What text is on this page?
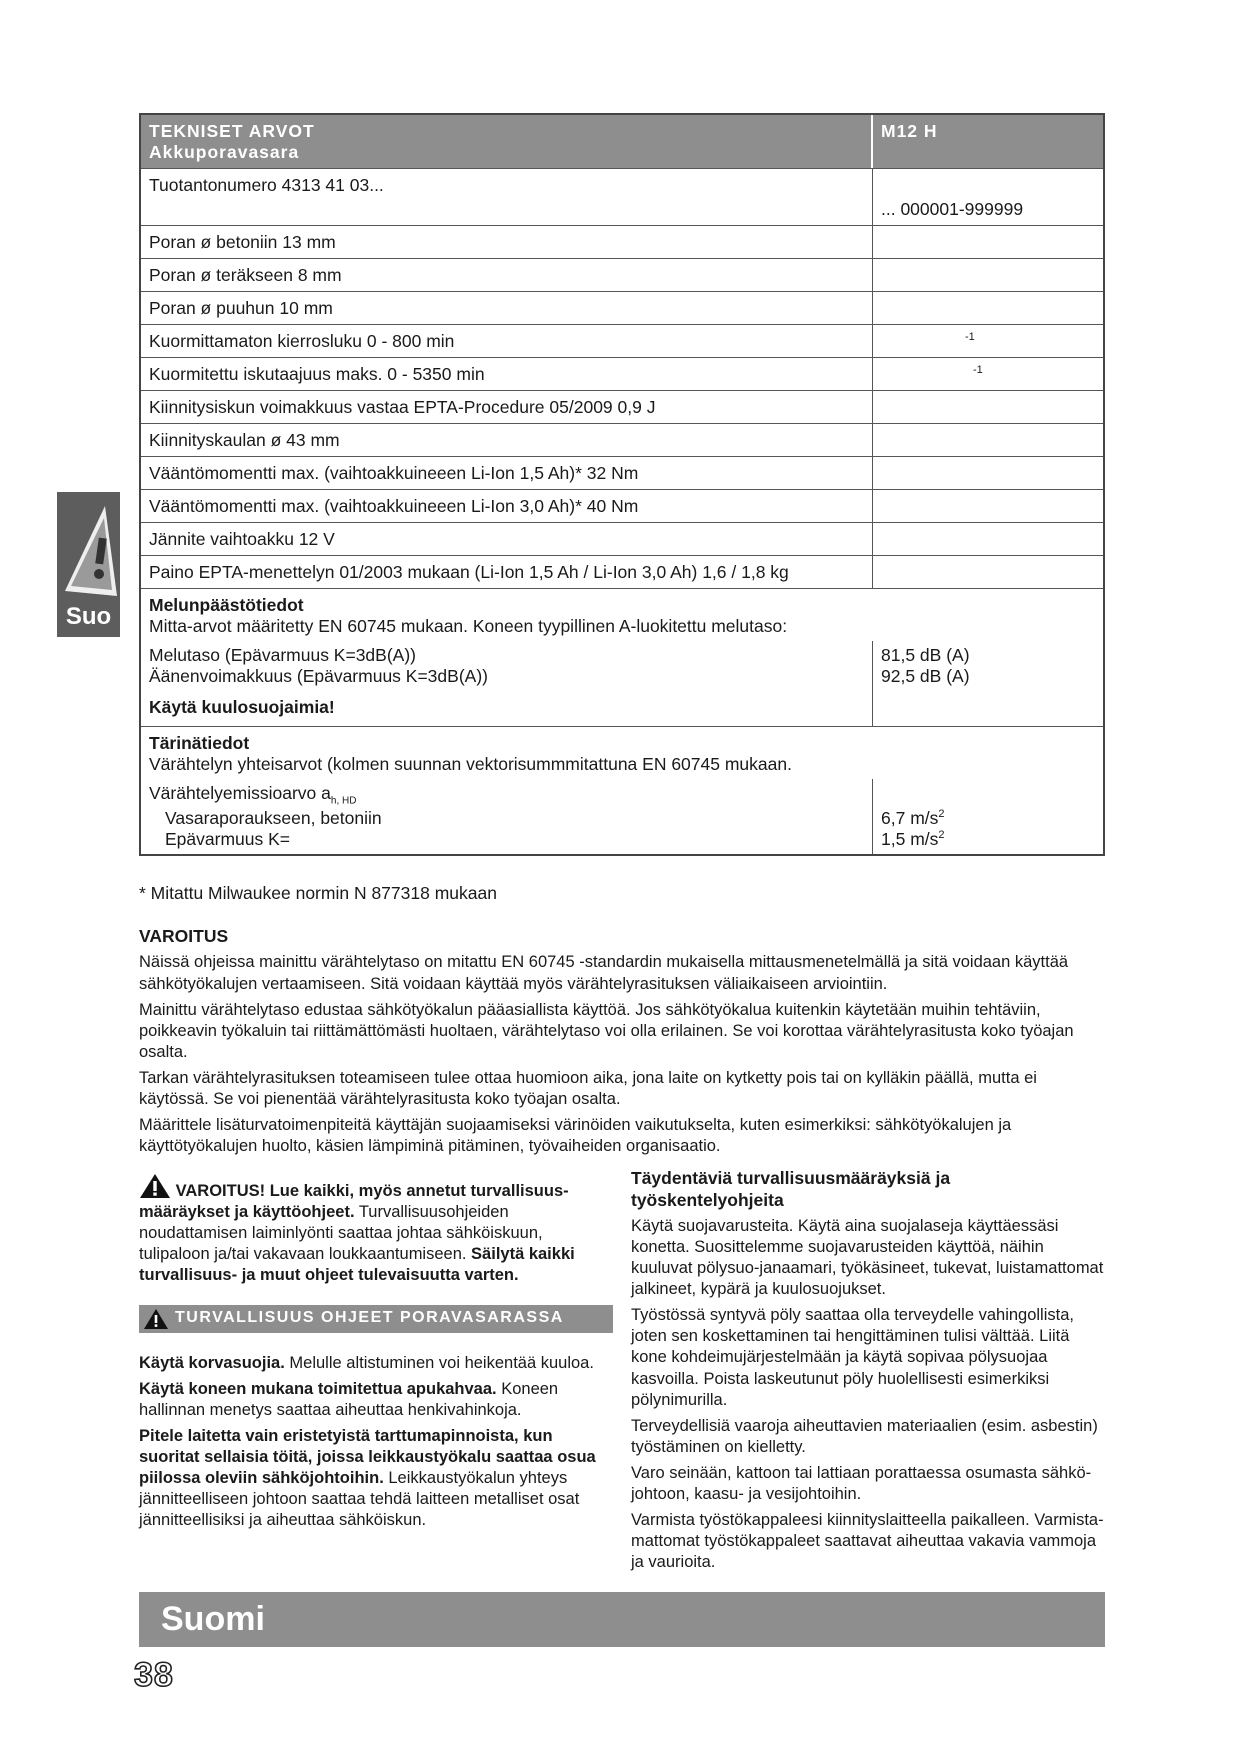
Suo
TEKNISET ARVOT
Akkuporavasara
M12 H
Tuotantonumero 4313 41 03...
... 000001-999999
Poran ø betoniin 13 mm
Poran ø teräkseen 8 mm
Poran ø puuhun 10 mm
Kuormittamaton kierrosluku 0 - 800 min	$^{-1}$
Kuormitettu iskutaajuus maks. 0 - 5350 min	$^{-1}$
Kiinnitysiskun voimakkuus vastaa EPTA-Procedure 05/2009 0,9 J
Kiinnityskaulan ø 43 mm
Vääntömomentti max. (vaihtoakkuineeen Li-Ion 1,5 Ah)* 32 Nm
Vääntömomentti max. (vaihtoakkuineeen Li-Ion 3,0 Ah)* 40 Nm
Jännite vaihtoakku 12 V
Paino EPTA-menettelyn 01/2003 mukaan (Li-Ion 1,5 Ah / Li-Ion 3,0 Ah) 1,6 / 1,8 kg
Melunpäästötiedot
Mitta-arvot määritetty EN 60745 mukaan. Koneen tyypillinen A-luokitettu melutaso:
Melutaso (Epävarmuus K=3dB(A))
Äänenvoimakkuus (Epävarmuus K=3dB(A))
Käytä kuulosuojaimia!
81,5 dB (A)
92,5 dB (A)
Tärinätiedot
Värähtelyn yhteisarvot (kolmen suunnan vektorisummmitattuna EN 60745 mukaan.
Värähtelyemissioarvo $a_{h, HD}$
Vasaraporaukseen, betoniin
Epävarmuus K=
6,7 $m/s^2$
1,5 $m/s^2$
* Mitattu Milwaukee normin N 877318 mukaan
VAROITUS

Näissä ohjeissa mainittu värähtelytaso on mitattu EN 60745 -standardin mukaisella mittausmenetelmällä ja sitä voidaan käyttää sähkötyökalujen vertaamiseen. Sitä voidaan käyttää myös värähtelyrasituksen väliaikaiseen arviointiin.

Mainittu värähtelytaso edustaa sähkötyökalun pääasiallista käyttöä. Jos sähkötyökalua kuitenkin käytetään muihin tehtäviin, poikkeavin työkaluin tai riittämättömästi huoltaen, värähtelytaso voi olla erilainen. Se voi korottaa värähtelyrasitusta koko työajan osalta.

Tarkan värähtelyrasituksen toteamiseen tulee ottaa huomioon aika, jona laite on kytketty pois tai on kylläkin päällä, mutta ei käytössä. Se voi pienentää värähtelyrasitusta koko työajan osalta.

Määrittele lisäturvatoimenpiteitä käyttäjän suojaamiseksi värinöiden vaikutukselta, kuten esimerkiksi: sähkötyökalujen ja käyttötyökalujen huolto, käsien lämpiminä pitäminen, työvaiheiden organisaatio.

VAROITUS! Lue kaikki, myös annetut turvallisuus-määräykset ja käyttöohjeet. Turvallisuusohjeiden noudattamisen laiminlyönti saattaa johtaa sähköiskuun, tulipaloon ja/tai vakavaan loukkaantumiseen. Säilytä kaikki turvallisuus- ja muut ohjeet tulevaisuutta varten.

TURVALLISUUS OHJEET PORAVASARASSA

Käytä korvasuojia. Melulle altistuminen voi heikentää kuuloa.

Käytä koneen mukana toimitettua apukahvaa. Koneen hallinnan menetys saattaa aiheuttaa henkivahinkoja.

Pitele laitetta vain eristetyistä tarttumapinnoista, kun suoritat sellaisia töitä, joissa leikkaustyökalu saattaa osua piilossa oleviin sähköjohtoihin. Leikkaustyökalun yhteys jännitteelliseen johtoon saattaa tehdä laitteen metalliset osat jännitteellisiksi ja aiheuttaa sähköiskun.

Täydentäviä turvallisuusmääräyksiä ja työskentelyohjeita

Käytä suojavarusteita. Käytä aina suojalaseja käyttäessäsi konetta. Suosittelemme suojavarusteiden käyttöä, näihin kuuluvat pölysuo-janaamari, työkäsineet, tukevat, luistamattomat jalkineet, kypärä ja kuulosuojukset.

Työstössä syntyvä pöly saattaa olla terveydelle vahingollista, joten sen koskettaminen tai hengittäminen tulisi välttää. Liitä kone kohdeimujärjestelmään ja käytä sopivaa pölysuojaa kasvoilla. Poista laskeutunut pöly huolellisesti esimerkiksi pölynimurilla.

Terveydellisiä vaaroja aiheuttavien materiaalien (esim. asbestin) työstäminen on kielletty.

Varo seinään, kattoon tai lattiaan porattaessa osumasta sähkö-johtoon, kaasu- ja vesijohtoihin.

Varmista työstökappaleesi kiinnityslaitteella paikalleen. Varmista-mattomat työstökappaleet saattavat aiheuttaa vakavia vammoja ja vaurioita.

Suomi
38
